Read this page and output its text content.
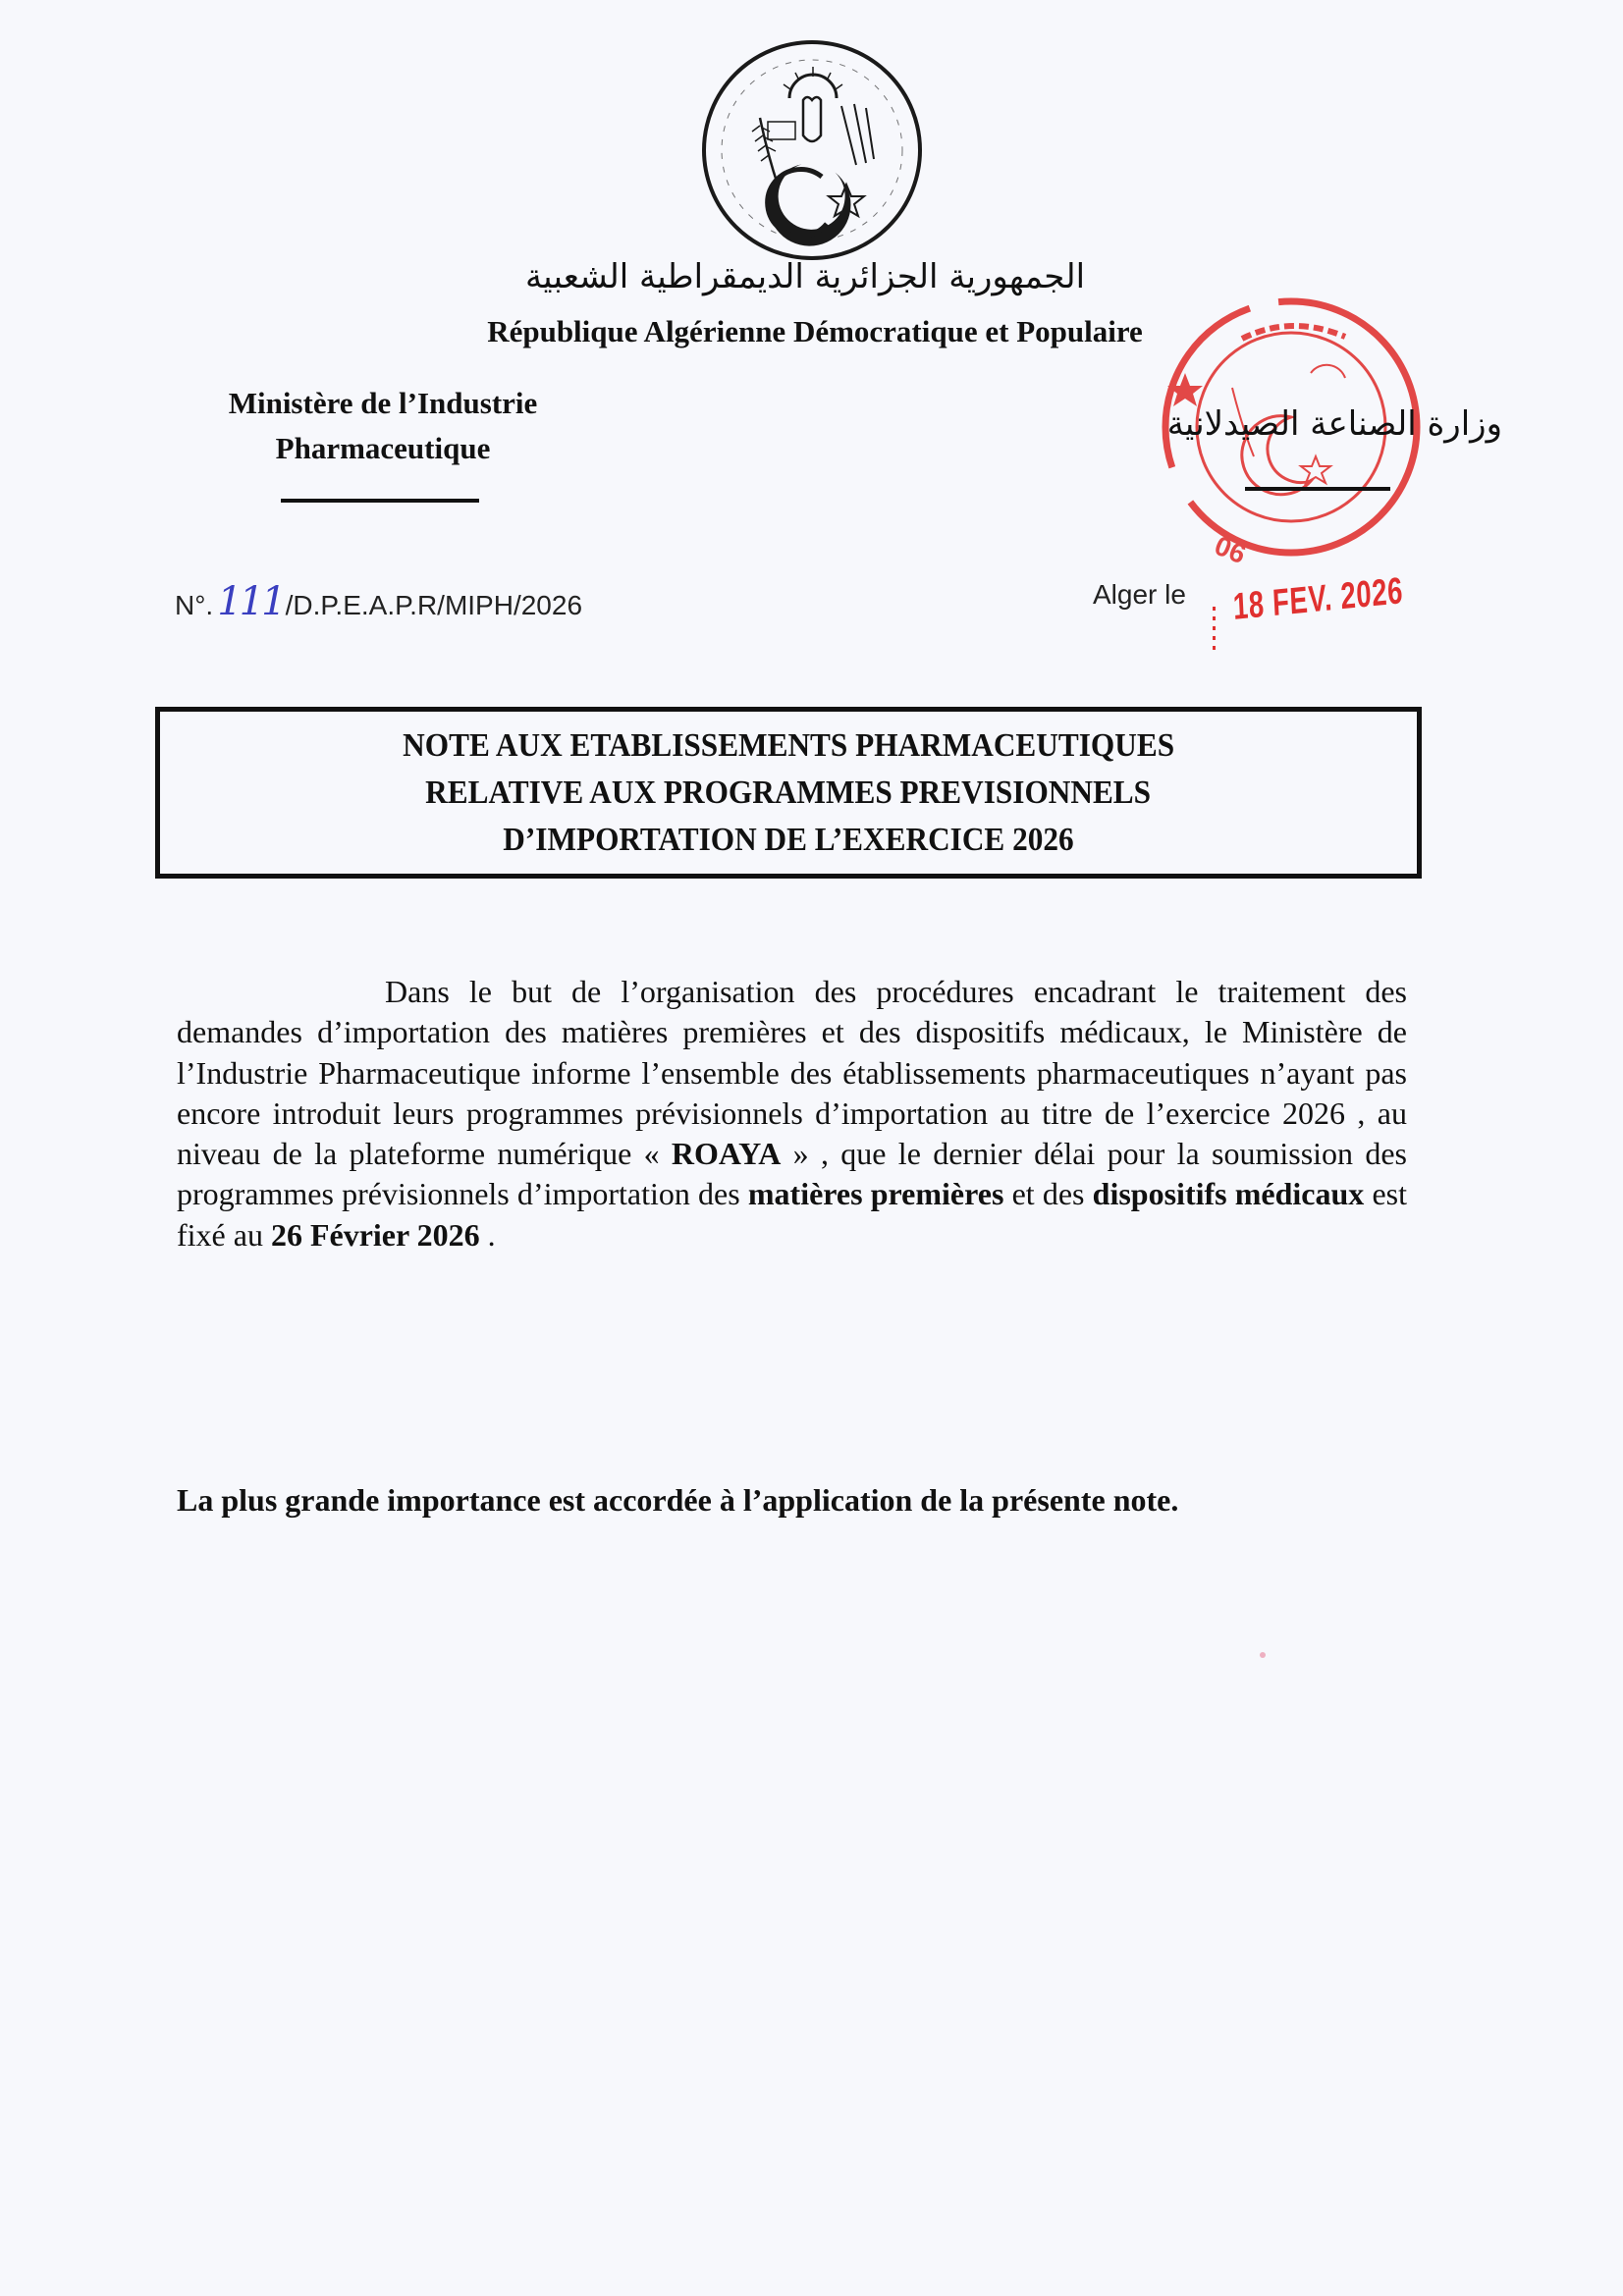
الجمهورية الجزائرية الديمقراطية الشعبية
République Algérienne Démocratique et Populaire
Ministère de l’Industrie
Pharmaceutique
06
وزارة الصناعة الصيدلانية
N°. 111/D.P.E.A.P.R/MIPH/2026	Alger le 18 FEV. 2026
NOTE AUX ETABLISSEMENTS PHARMACEUTIQUES
RELATIVE AUX PROGRAMMES PREVISIONNELS
D’IMPORTATION DE L’EXERCICE 2026

Dans le but de l’organisation des procédures encadrant le traitement des demandes d’importation des matières premières et des dispositifs médicaux, le Ministère de l’Industrie Pharmaceutique informe l’ensemble des établissements pharmaceutiques n’ayant pas encore introduit leurs programmes prévisionnels d’importation au titre de l’exercice 2026 , au niveau de la plateforme numérique « ROAYA » , que le dernier délai pour la soumission des programmes prévisionnels d’importation des matières premières et des dispositifs médicaux est fixé au 26 Février 2026 .

La plus grande importance est accordée à l’application de la présente note.
